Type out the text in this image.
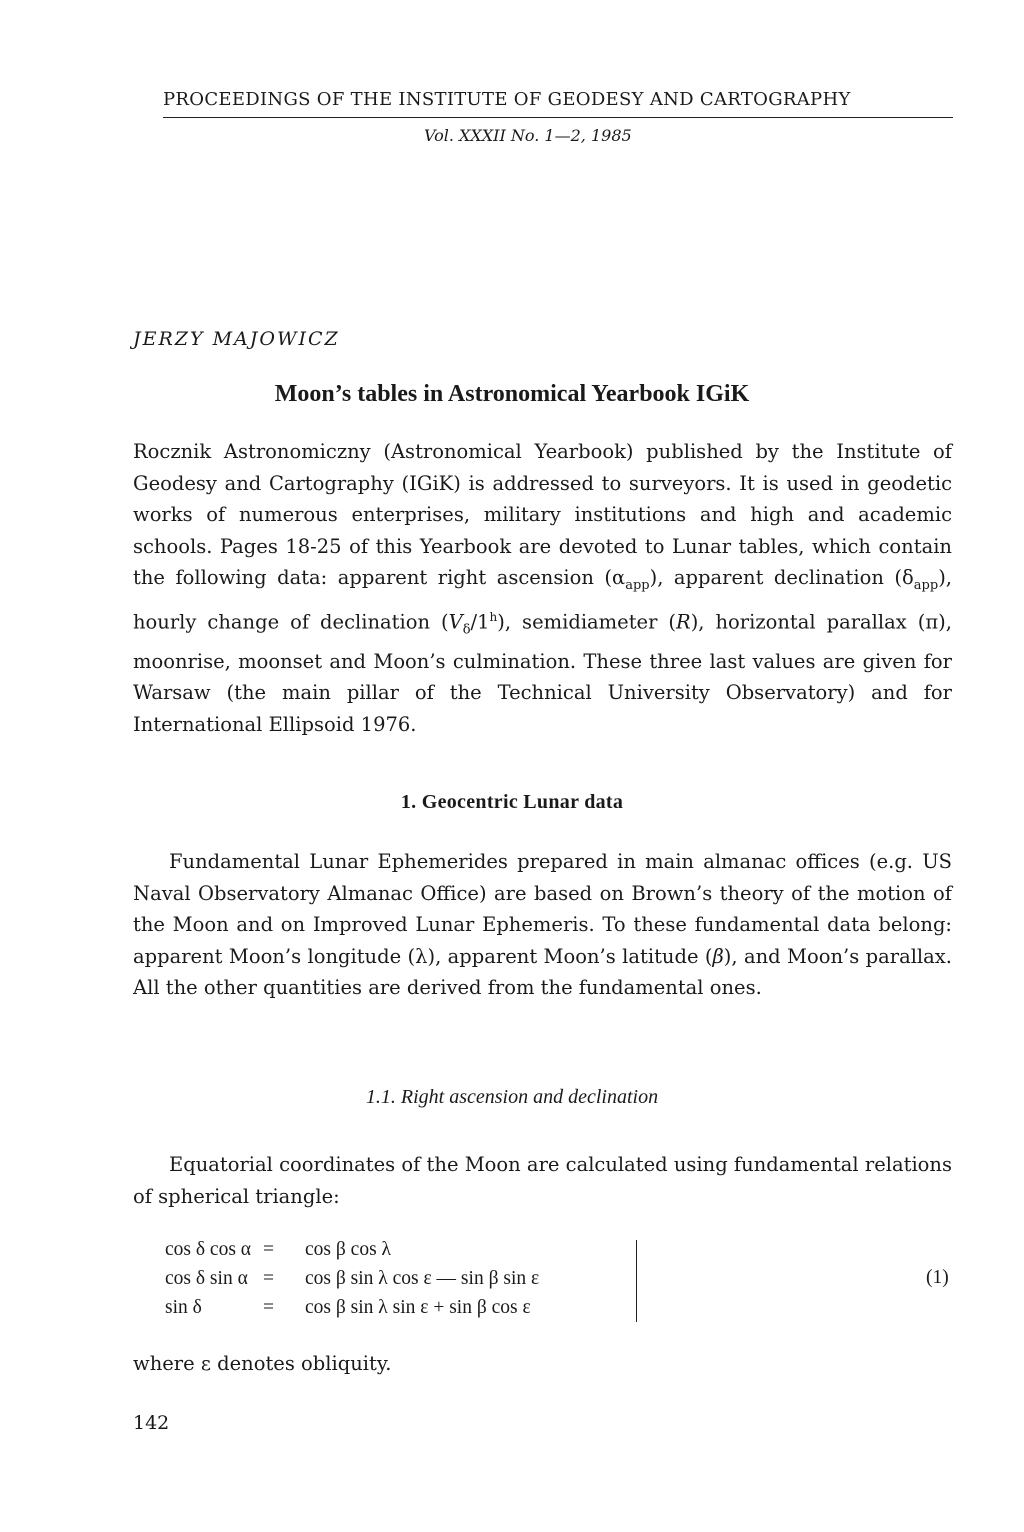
PROCEEDINGS OF THE INSTITUTE OF GEODESY AND CARTOGRAPHY
Vol. XXXII No. 1—2, 1985
JERZY MAJOWICZ
Moon’s tables in Astronomical Yearbook IGiK

Rocznik Astronomiczny (Astronomical Yearbook) published by the Institute of Geodesy and Cartography (IGiK) is addressed to surveyors. It is used in geodetic works of numerous enterprises, military institutions and high and academic schools. Pages 18-25 of this Yearbook are devoted to Lunar tables, which contain the following data: apparent right ascension $(\alpha_{app})$, apparent declination $(\delta_{app})$, hourly change of declination $(V_\delta/1^h)$, semidiameter (R), horizontal parallax (π), moonrise, moonset and Moon’s culmination. These three last values are given for Warsaw (the main pillar of the Technical University Observatory) and for International Ellipsoid 1976.

1. Geocentric Lunar data

Fundamental Lunar Ephemerides prepared in main almanac offices (e.g. US Naval Observatory Almanac Office) are based on Brown’s theory of the motion of the Moon and on Improved Lunar Ephemeris. To these fundamental data belong: apparent Moon’s longitude (λ), apparent Moon’s latitude (β), and Moon’s parallax. All the other quantities are derived from the fundamental ones.

1.1. Right ascension and declination

Equatorial coordinates of the Moon are calculated using fundamental relations of spherical triangle:

cos δ cos α = cos β cos λ
cos δ sin α = cos β sin λ cos ε — sin β sin ε
sin δ	= cos β sin λ sin ε + sin β cos ε
(1)
where ε denotes obliquity.
142
